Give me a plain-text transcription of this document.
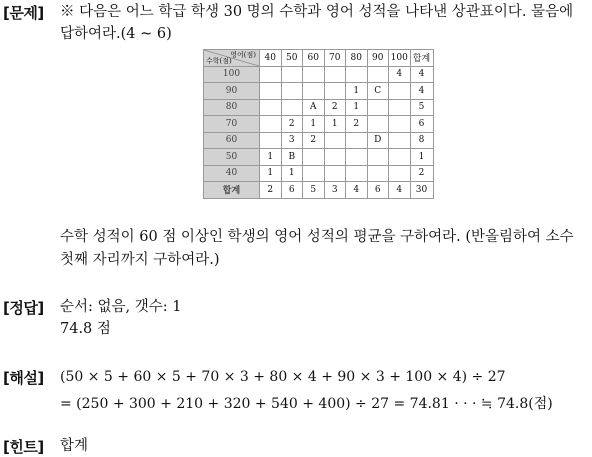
[문제] ※ 다음은 어느 학급 학생 30 명의 수학과 영어 성적을 나타낸 상관표이다. 물음에
답하여라.(4 ~ 6)
영어(점)
수학(점)	40	50	60	70	80	90	100	합계
100							4	4
90					1	C		4
80			A	2	1			5
70		2	1	1	2			6
60		3	2			D		8
50	1	B						1
40	1	1						2
합계	2	6	5	3	4	6	4	30
수학 성적이 60 점 이상인 학생의 영어 성적의 평균을 구하여라. (반올림하여 소수
첫째 자리까지 구하여라.)
[정답] 순서: 없음, 갯수: 1
74.8 점
[해설] (50 × 5 + 60 × 5 + 70 × 3 + 80 × 4 + 90 × 3 + 100 × 4) ÷ 27
= (250 + 300 + 210 + 320 + 540 + 400) ÷ 27 = 74.81 · · · ≒ 74.8(점)
[힌트] 합계
